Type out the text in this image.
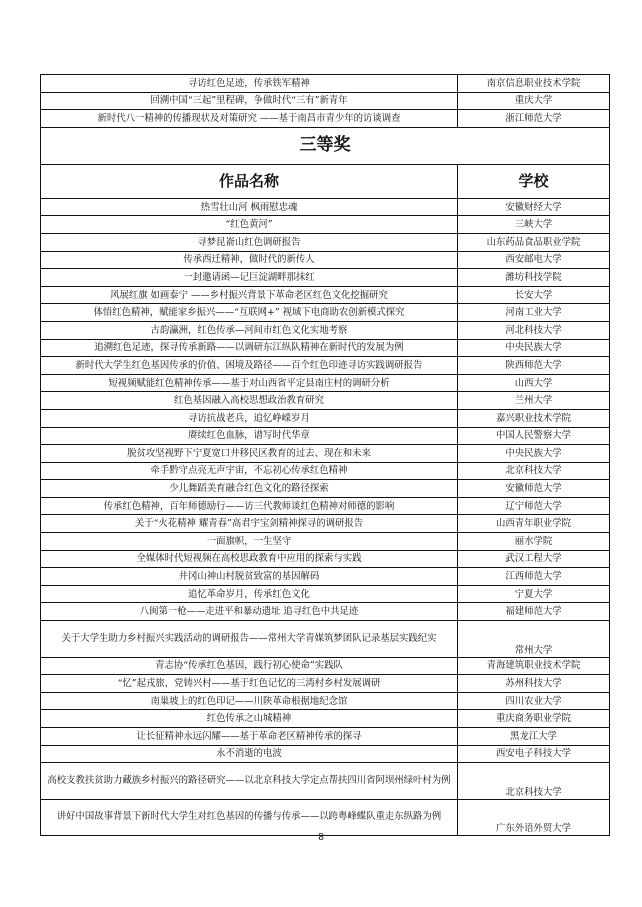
寻访红色足迹，传承铁军精神	南京信息职业技术学院
回溯中国“三起”里程碑，争做时代“三有”新青年	重庆大学
新时代八一精神的传播现状及对策研究 ——基于南昌市青少年的访谈调查	浙江师范大学
三等奖	
作品名称	学校
热雪壮山河 枫雨慰忠魂	安徽财经大学
“红色黄河”	三峡大学
寻梦昆嵛山红色调研报告	山东药品食品职业学院
传承西迁精神，做时代的新传人	西安邮电大学
一封邀请函—记巨淀湖畔那抹红	潍坊科技学院
风展红旗 如画泰宁 ——乡村振兴背景下革命老区红色文化挖掘研究	长安大学
体悟红色精神，赋能家乡振兴——“互联网+” 视域下电商助农创新模式探究	河南工业大学
古韵瀛洲，红色传承—河间市红色文化实地考察	河北科技大学
追溯红色足迹，探寻传承新路——以调研东江纵队精神在新时代的发展为例	中央民族大学
新时代大学生红色基因传承的价值、困境及路径——百个红色印迹寻访实践调研报告	陕西师范大学
短视频赋能红色精神传承——基于对山西省平定县南庄村的调研分析	山西大学
红色基因融入高校思想政治教育研究	兰州大学
寻访抗战老兵，追忆峥嵘岁月	嘉兴职业技术学院
赓续红色血脉，谱写时代华章	中国人民警察大学
脱贫攻坚视野下宁夏宽口井移民区教育的过去、现在和未来	中央民族大学
牵手黔守点亮无声宇宙，不忘初心传承红色精神	北京科技大学
少儿舞蹈美育融合红色文化的路径探索	安徽师范大学
传承红色精神，百年师德励行——访三代教师谈红色精神对师德的影响	辽宁师范大学
关于“火花精神 耀青春”高君宇宝剑精神探寻的调研报告	山西青年职业学院
一面旗帜，一生坚守	丽水学院
全媒体时代短视频在高校思政教育中应用的探索与实践	武汉工程大学
井冈山神山村脱贫致富的基因解码	江西师范大学
追忆革命岁月，传承红色文化	宁夏大学
八闽第一枪——走进平和暴动遗址 追寻红色中共足迹	福建师范大学
关于大学生助力乡村振兴实践活动的调研报告——常州大学青媒筑梦团队记录基层实践纪实	常州大学
青志协“传承红色基因，践行初心使命”实践队	青海建筑职业技术学院
“忆”起戎旅，党铸兴村——基于红色记忆的三湾村乡村发展调研	苏州科技大学
南巢坡上的红色印记——川陕革命根据地纪念馆	四川农业大学
红色传承之山城精神	重庆商务职业学院
让长征精神永远闪耀——基于革命老区精神传承的探寻	黑龙江大学
永不消逝的电波	西安电子科技大学
高校支教扶贫助力藏族乡村振兴的路径研究——以北京科技大学定点帮扶四川省阿坝州绿叶村为例	北京科技大学
讲好中国故事背景下新时代大学生对红色基因的传播与传承——以跨粤峰蝶队重走东纵路为例	广东外语外贸大学
8
